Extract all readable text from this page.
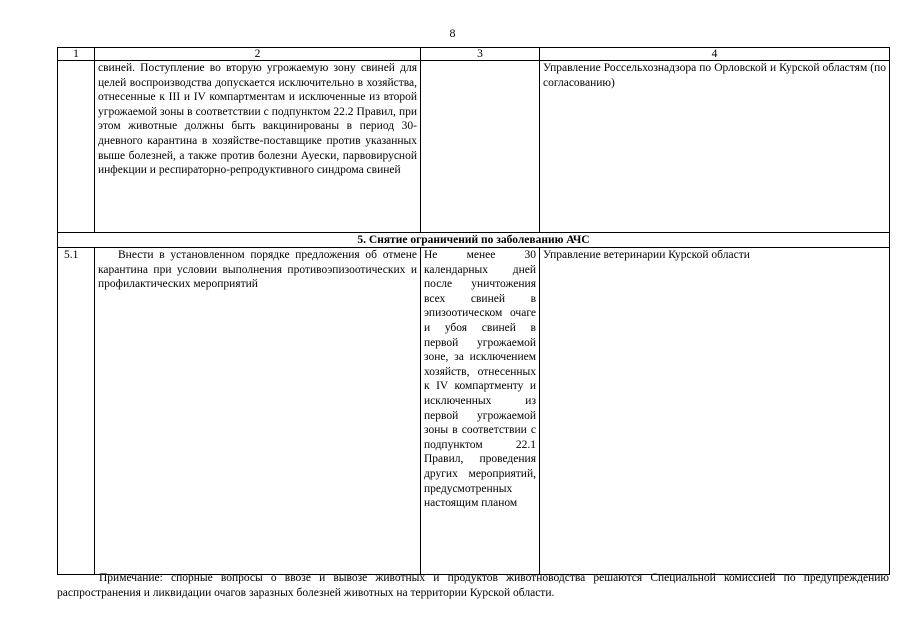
8
1	2	3	4
	свиней. Поступление во вторую угрожаемую зону свиней для целей воспроизводства допускается исключительно в хозяйства, отнесенные к III и IV компартментам и исключенные из второй угрожаемой зоны в соответствии с подпунктом 22.2 Правил, при этом животные должны быть вакцинированы в период 30-дневного карантина в хозяйстве-поставщике против указанных выше болезней, а также против болезни Ауески, парвовирусной инфекции и респираторно-репродуктивного синдрома свиней		Управление Россельхознадзора по Орловской и Курской областям (по согласованию)
5. Снятие ограничений по заболеванию АЧС			
5.1	Внести в установленном порядке предложения об отмене карантина при условии выполнения противоэпизоотических и профилактических мероприятий	Не менее 30 календарных дней после уничтожения всех свиней в эпизоотическом очаге и убоя свиней в первой угрожаемой зоне, за исключением хозяйств, отнесенных к IV компартменту и исключенных из первой угрожаемой зоны в соответствии с подпунктом 22.1 Правил, проведения других мероприятий, предусмотренных настоящим планом	Управление ветеринарии Курской области
Примечание: спорные вопросы о ввозе и вывозе животных и продуктов животноводства решаются Специальной комиссией по предупреждению распространения и ликвидации очагов заразных болезней животных на территории Курской области.
